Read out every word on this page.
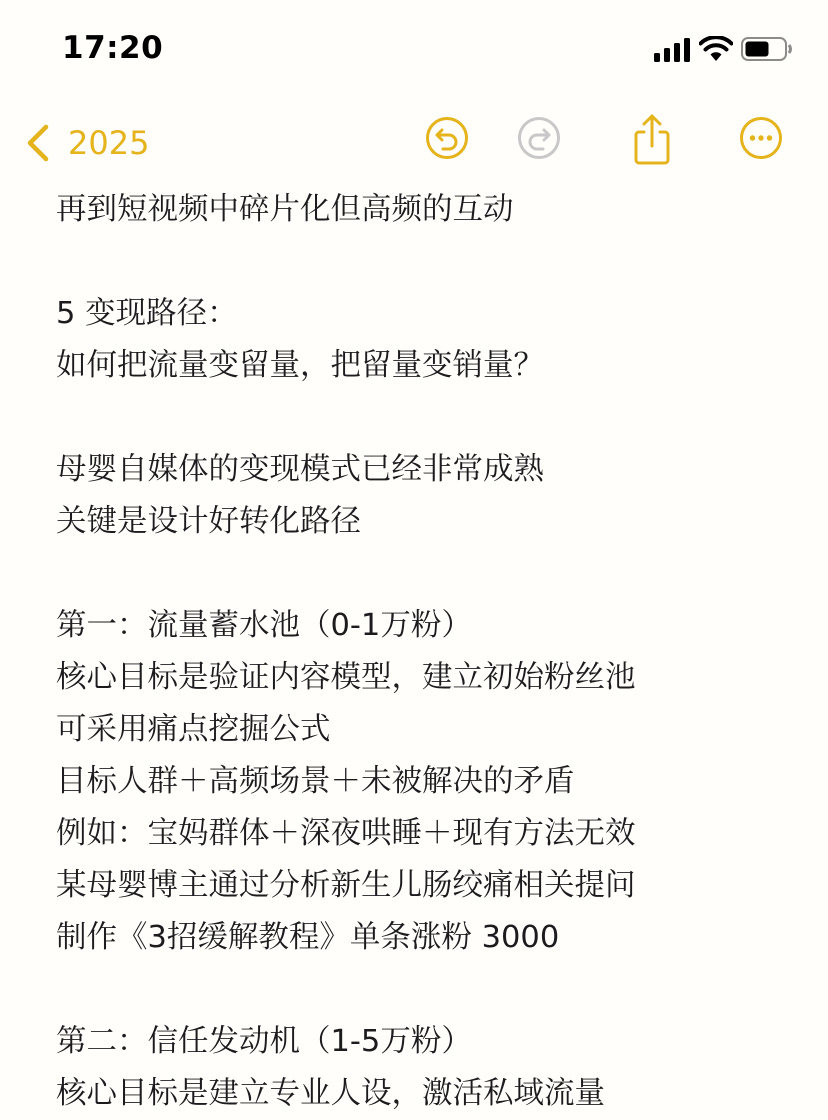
17:20
2025
再到短视频中碎片化但高频的互动
5 变现路径：
如何把流量变留量，把留量变销量？
母婴自媒体的变现模式已经非常成熟
关键是设计好转化路径
第一：流量蓄水池（0-1万粉）
核心目标是验证内容模型，建立初始粉丝池
可采用痛点挖掘公式
目标人群＋高频场景＋未被解决的矛盾
例如：宝妈群体＋深夜哄睡＋现有方法无效
某母婴博主通过分析新生儿肠绞痛相关提问
制作《3招缓解教程》单条涨粉 3000
第二：信任发动机（1-5万粉）
核心目标是建立专业人设，激活私域流量
